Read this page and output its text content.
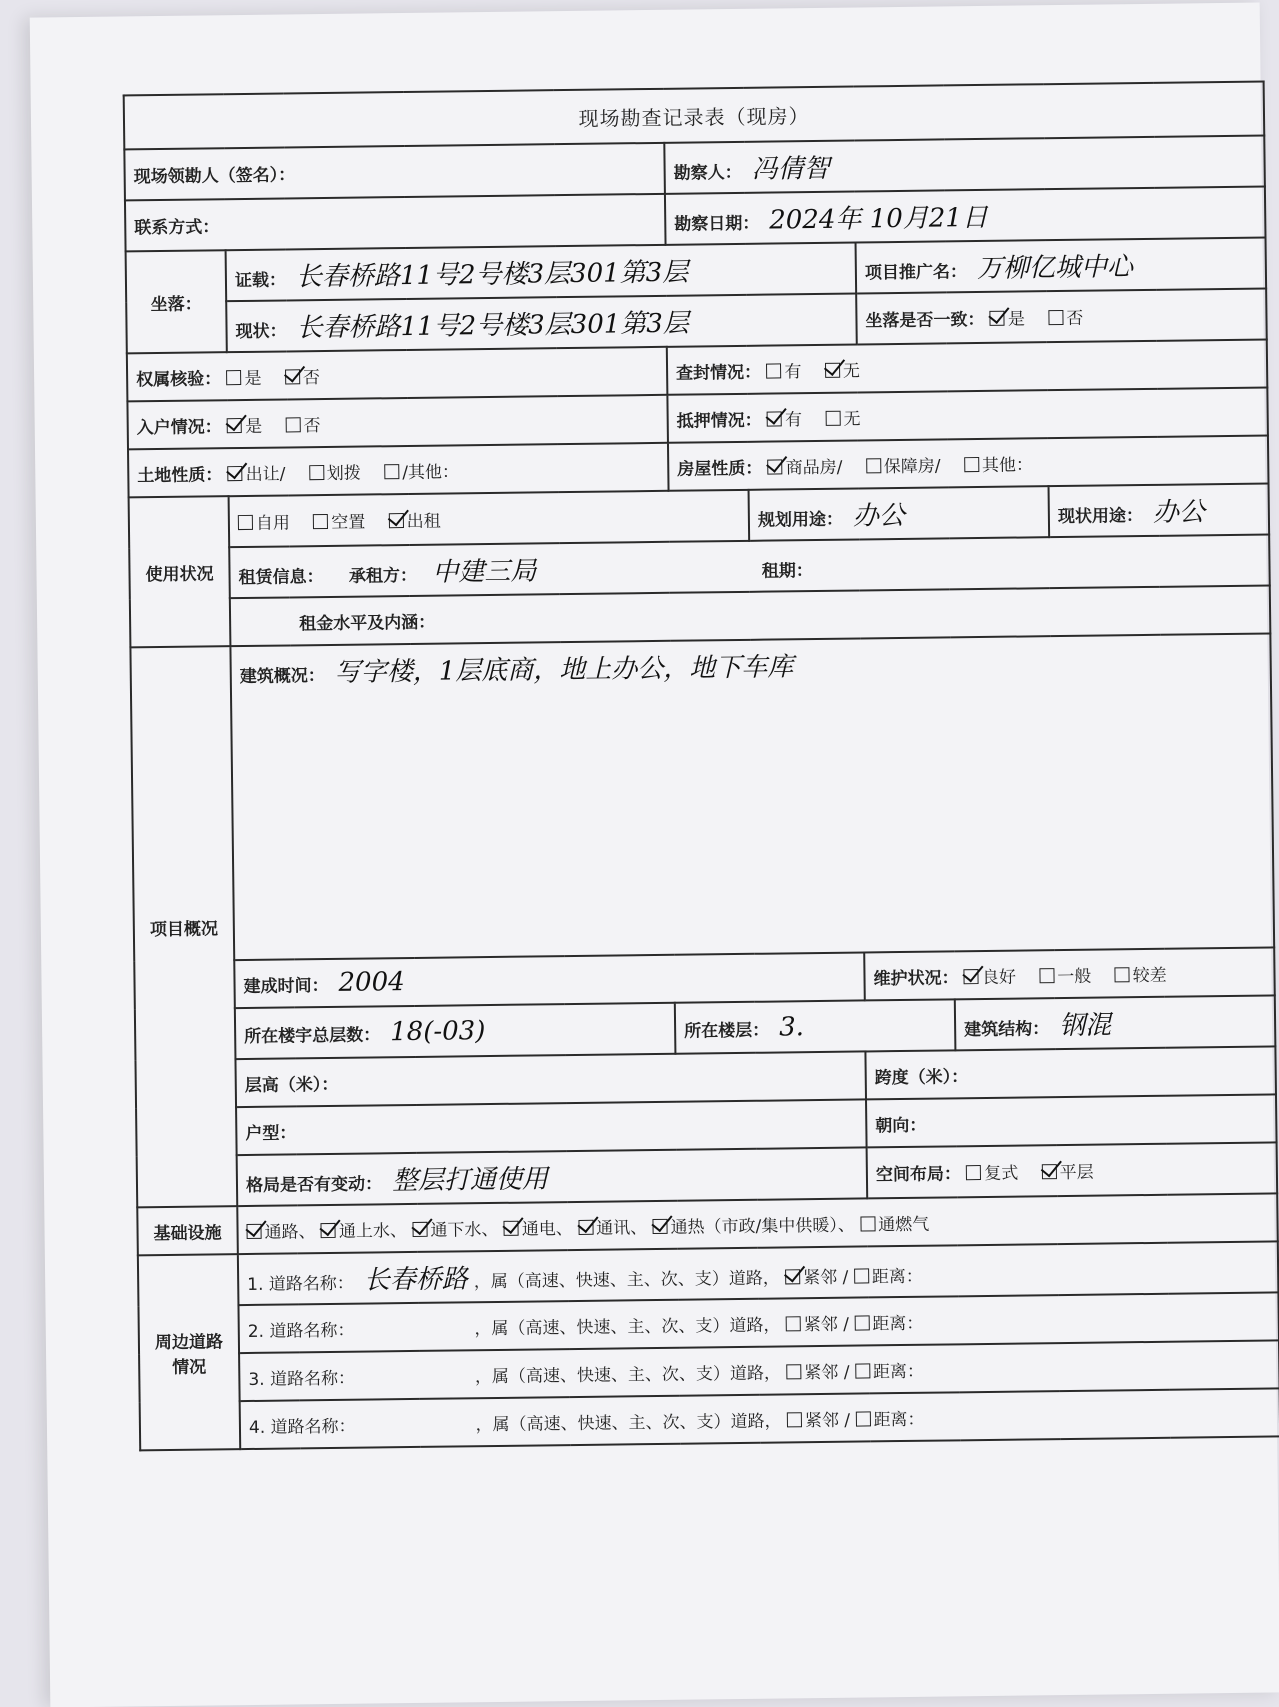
现场勘查记录表（现房）						
现场领勘人（签名）：		勘察人： 冯倩智				
联系方式：		勘察日期： 2024年 10月21日				
坐落：	证载： 长春桥路11号2号楼3层301第3层			项目推广名： 万柳亿城中心		
	现状： 长春桥路11号2号楼3层301第3层			坐落是否一致： 是 否		
权属核验： 是 否		查封情况： 有 无				
入户情况： 是 否		抵押情况： 有 无				
土地性质： 出让/ 划拨 /其他：		房屋性质： 商品房/ 保障房/ 其他：				
使用状况	自用 空置 出租		规划用途： 办公			现状用途： 办公
	租赁信息： 承租方： 中建三局 租期：					
	租金水平及内涵：					
项目概况	建筑概况： 写字楼，1层底商，地上办公，地下车库					
	建成时间： 2004			维护状况： 良好 一般 较差		
	所在楼宇总层数： 18(-03)	所在楼层： 3.			建筑结构： 钢混	
	层高（米）：			跨度（米）：		
	户型：			朝向：		
	格局是否有变动： 整层打通使用			空间布局： 复式 平层		
基础设施	通路、 通上水、 通下水、 通电、 通讯、 通热（市政/集中供暖）、 通燃气					
周边道路情况	1. 道路名称： 长春桥路 ，属（高速、快速、主、次、支）道路， 紧邻 / 距离：					
	2. 道路名称： ，属（高速、快速、主、次、支）道路， 紧邻 / 距离：					
	3. 道路名称： ，属（高速、快速、主、次、支）道路， 紧邻 / 距离：					
	4. 道路名称： ，属（高速、快速、主、次、支）道路， 紧邻 / 距离：					
